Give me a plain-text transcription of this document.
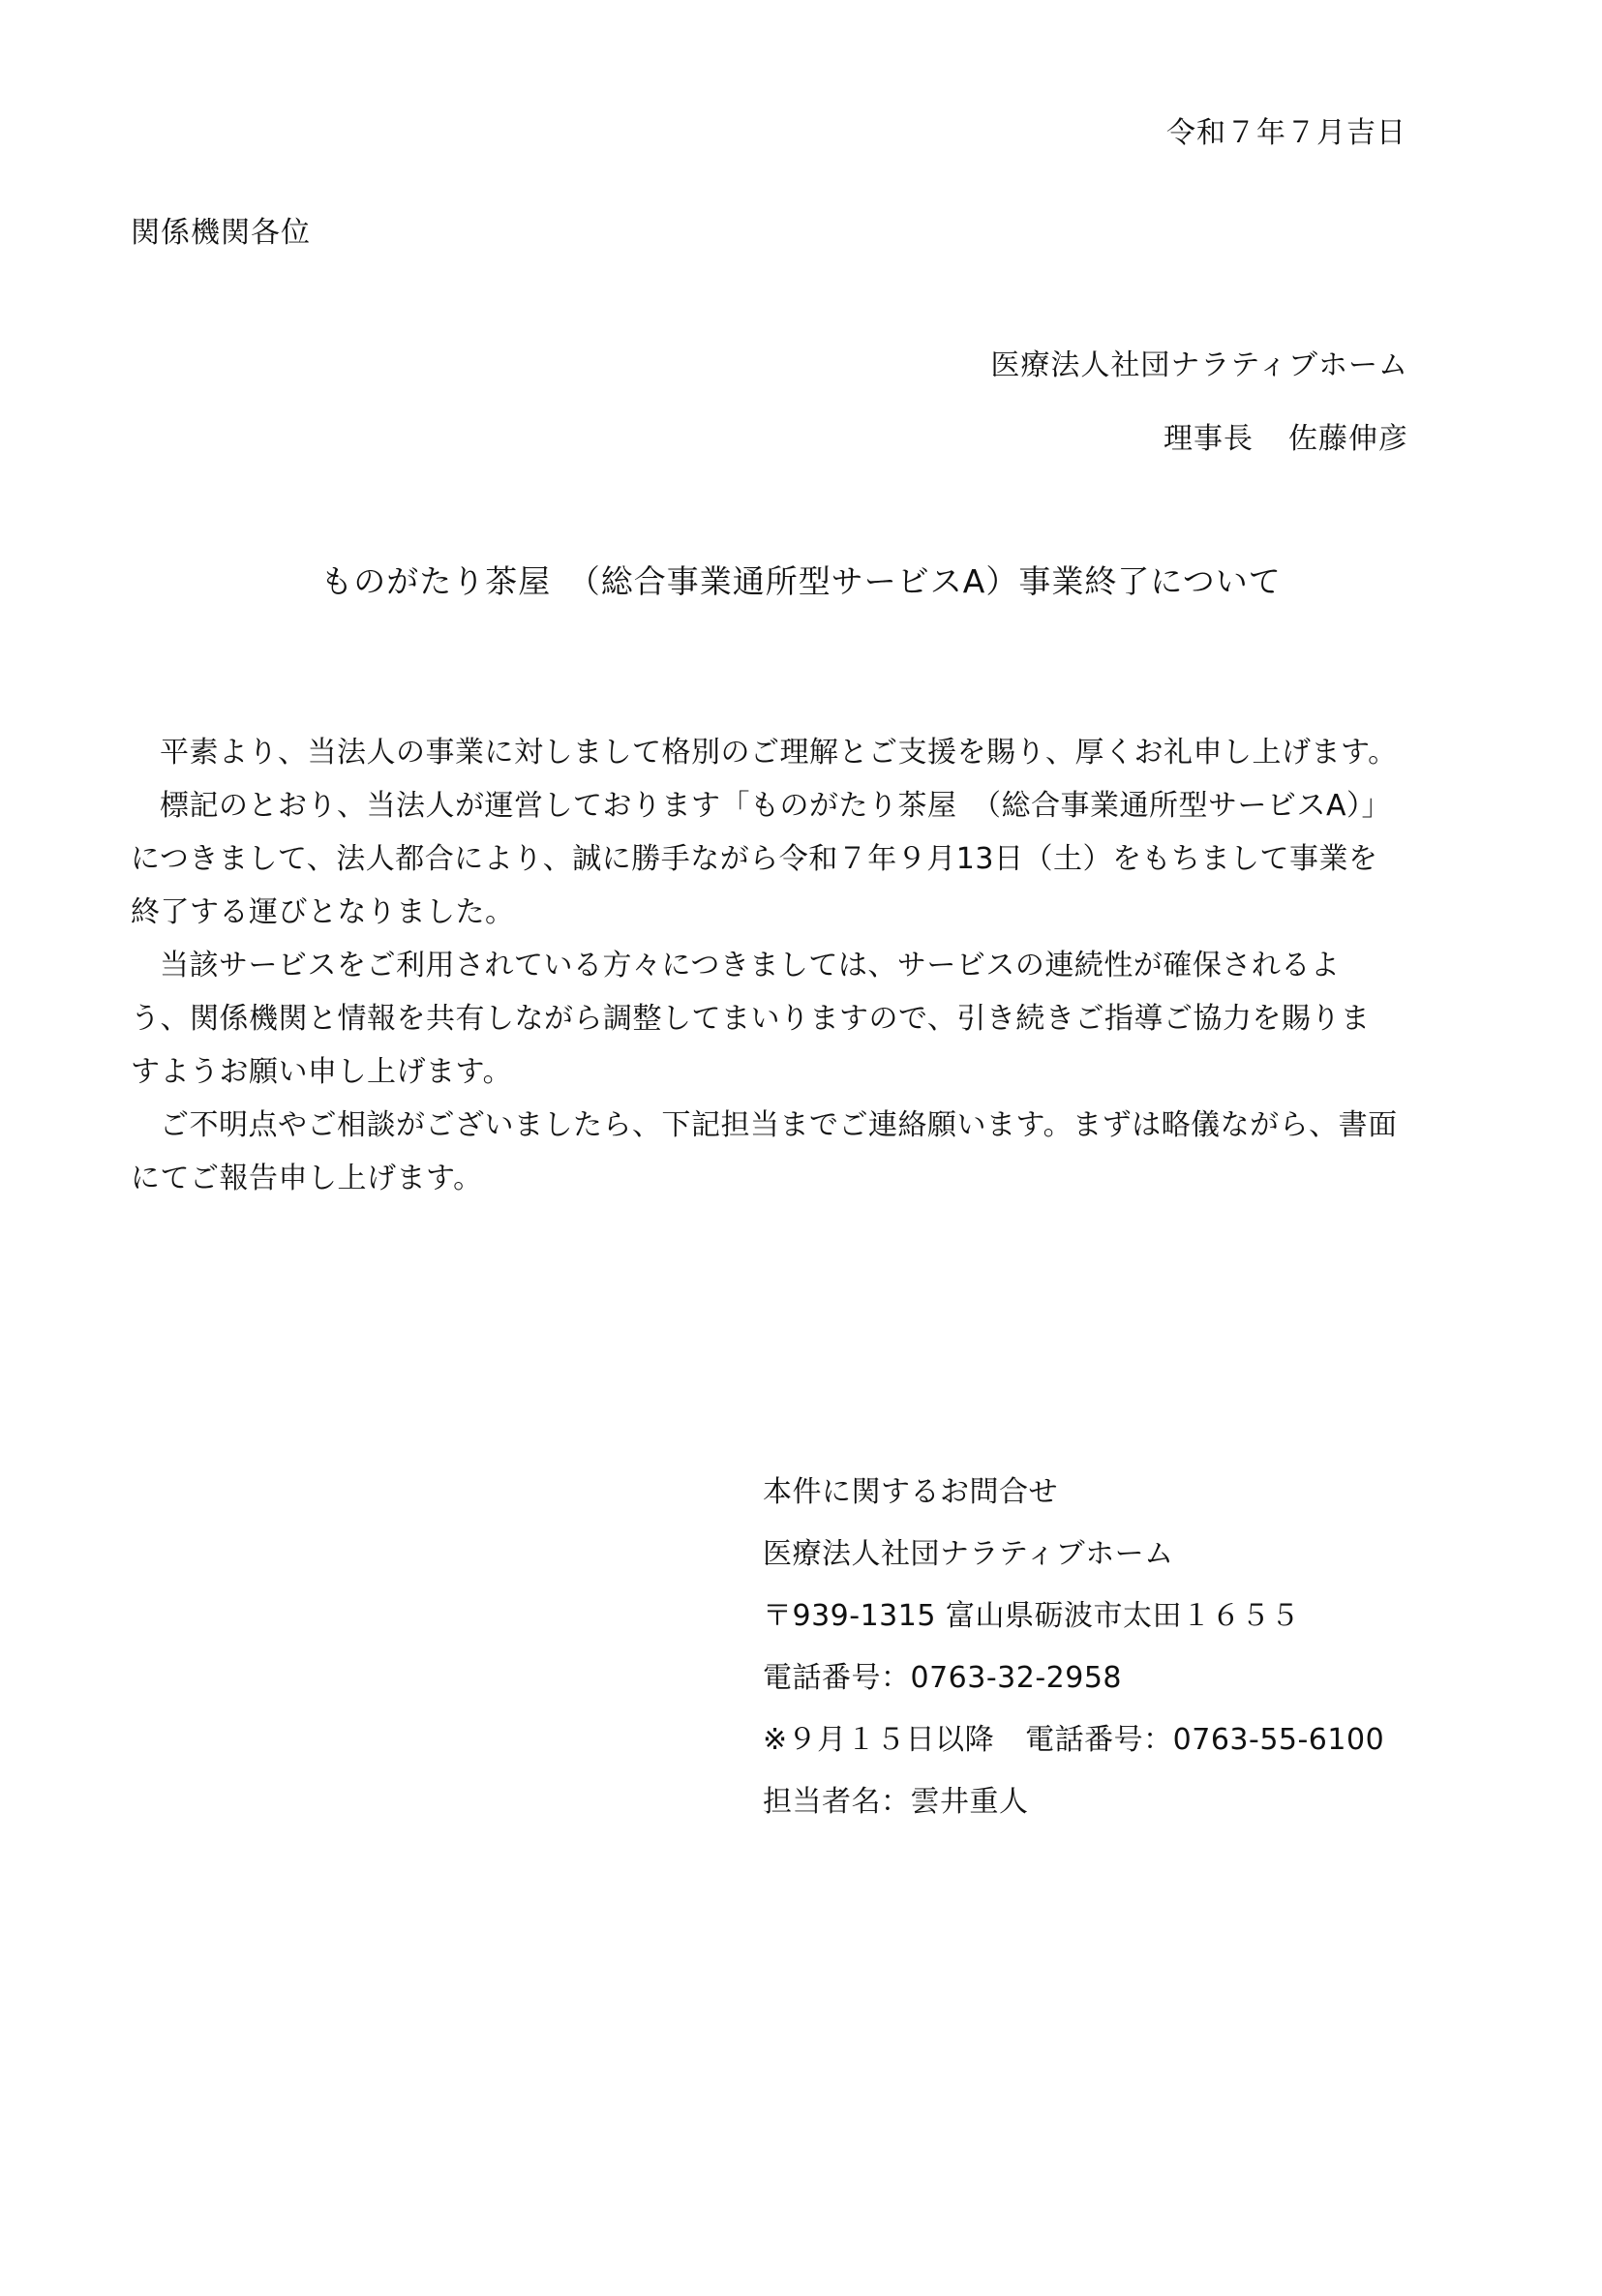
令和７年７月吉日
関係機関各位
医療法人社団ナラティブホーム
理事長 佐藤伸彦
ものがたり茶屋　（総合事業通所型サービスA）事業終了について

平素より、当法人の事業に対しまして格別のご理解とご支援を賜り、厚くお礼申し上げます。

標記のとおり、当法人が運営しております「ものがたり茶屋　（総合事業通所型サービスA）」につきまして、法人都合により、誠に勝手ながら令和７年９月13日（土）をもちまして事業を終了する運びとなりました。

当該サービスをご利用されている方々につきましては、サービスの連続性が確保されるよう、関係機関と情報を共有しながら調整してまいりますので、引き続きご指導ご協力を賜りますようお願い申し上げます。

ご不明点やご相談がございましたら、下記担当までご連絡願います。まずは略儀ながら、書面にてご報告申し上げます。

本件に関するお問合せ
医療法人社団ナラティブホーム
〒939-1315 富山県砺波市太田１６５５
電話番号：0763-32-2958
※９月１５日以降 電話番号：0763-55-6100
担当者名：雲井重人
